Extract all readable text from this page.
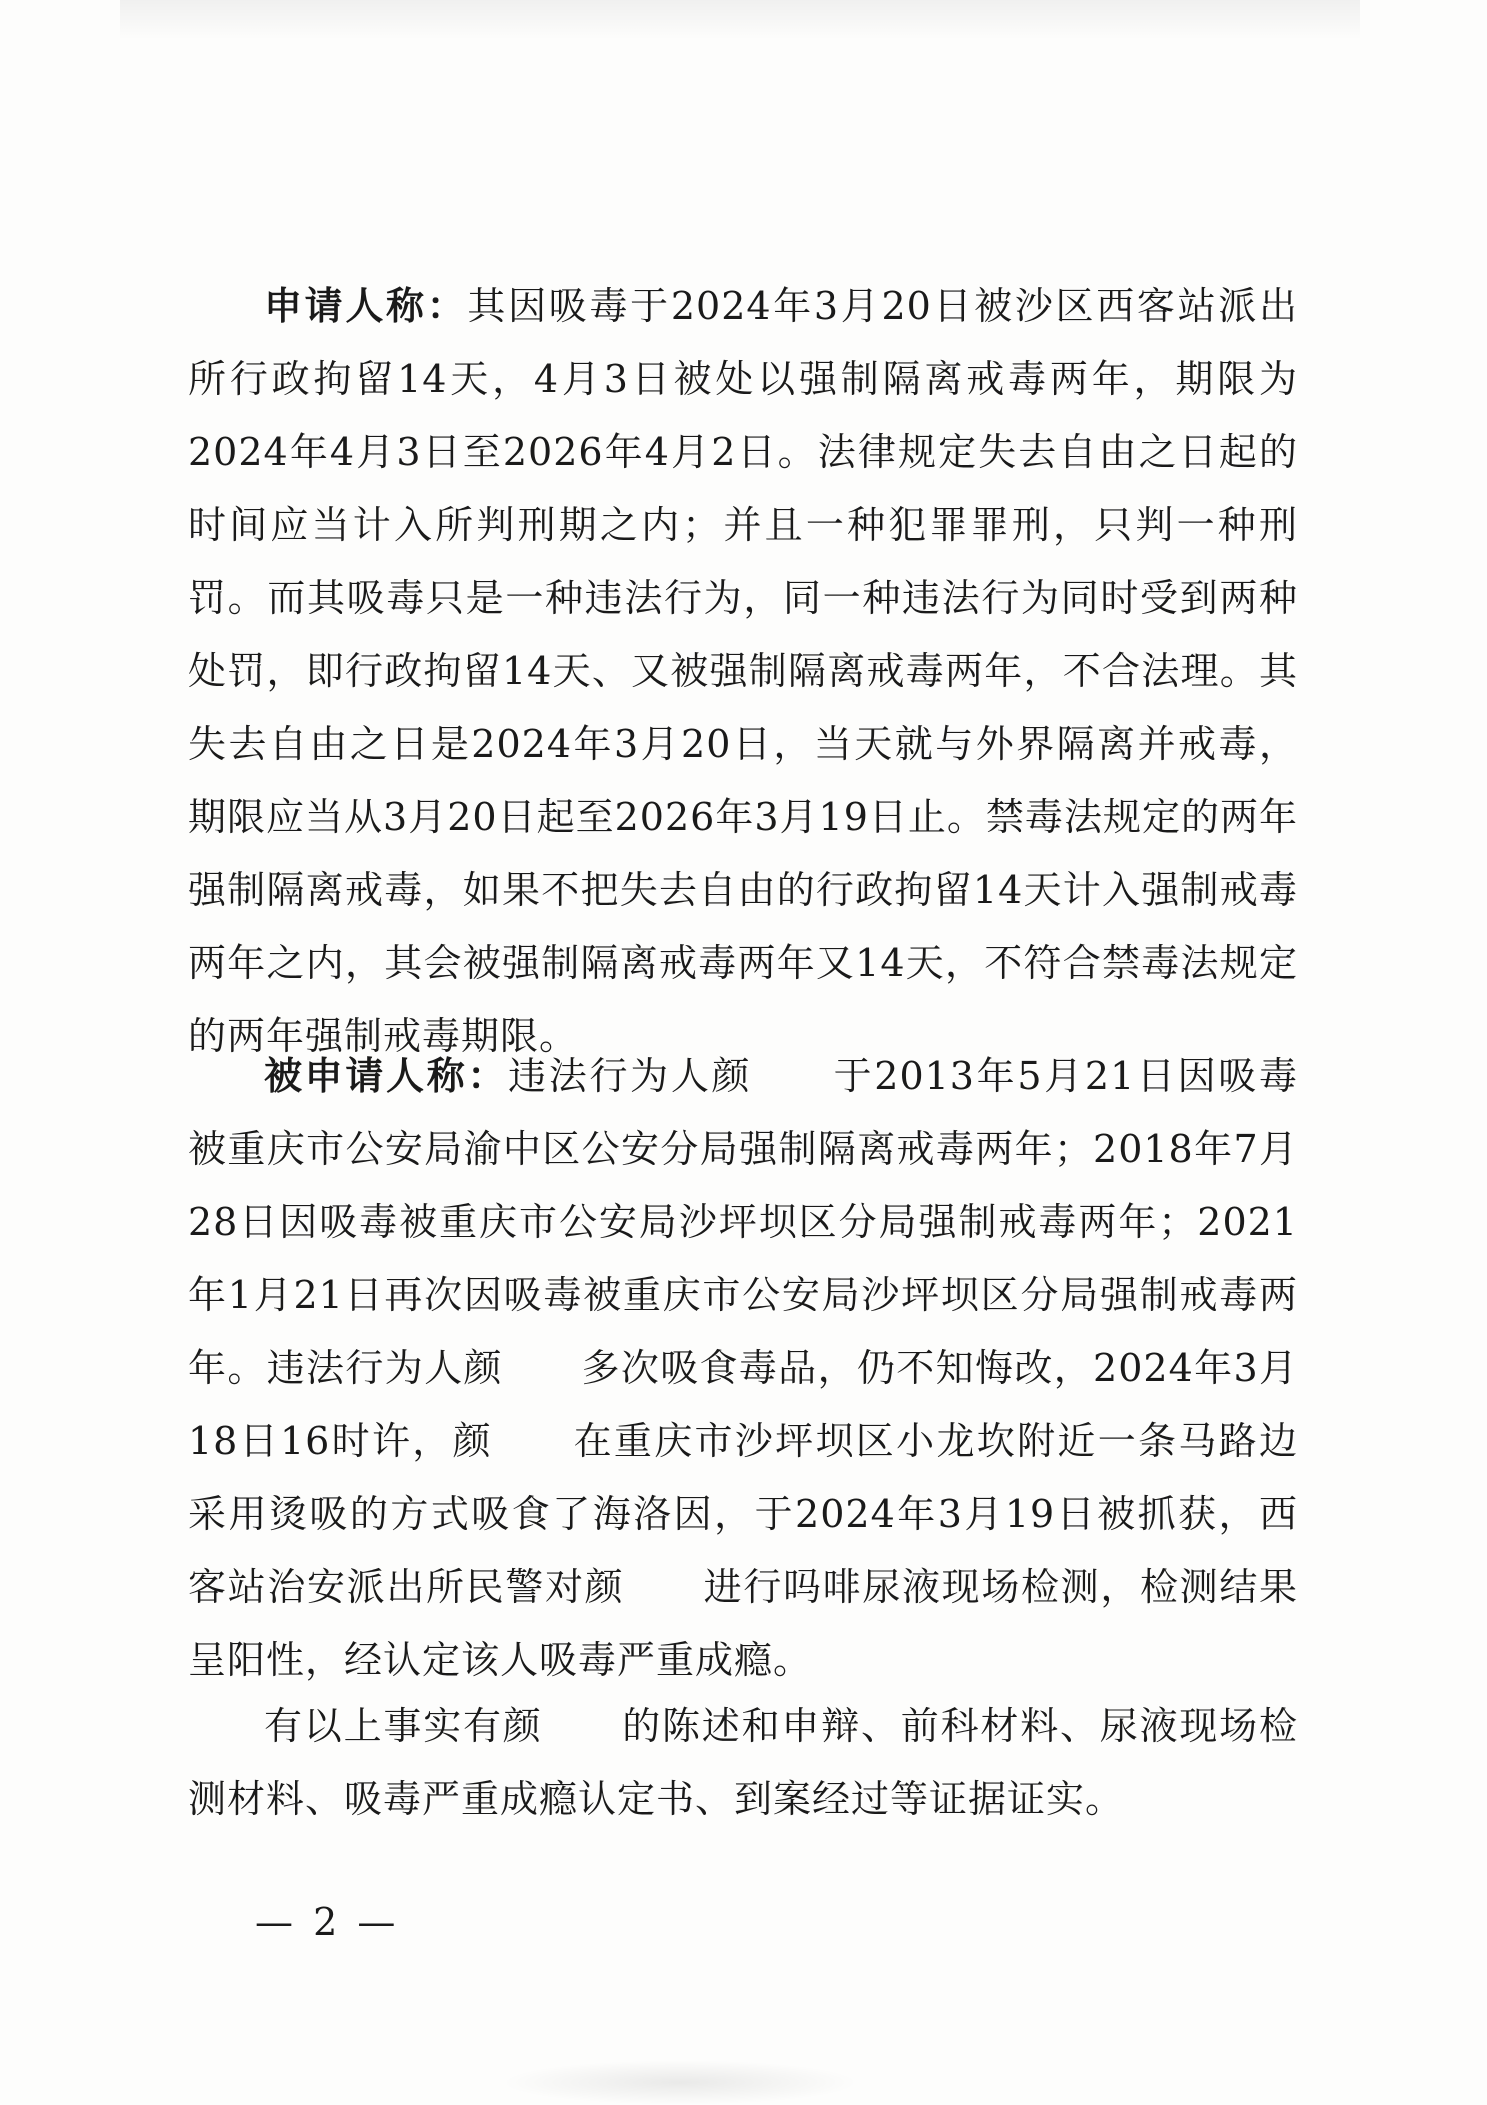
申请人称：其因吸毒于2024年3月20日被沙区西客站派出所行政拘留14天，4月3日被处以强制隔离戒毒两年，期限为2024年4月3日至2026年4月2日。法律规定失去自由之日起的时间应当计入所判刑期之内；并且一种犯罪罪刑，只判一种刑罚。而其吸毒只是一种违法行为，同一种违法行为同时受到两种处罚，即行政拘留14天、又被强制隔离戒毒两年，不合法理。其失去自由之日是2024年3月20日，当天就与外界隔离并戒毒，期限应当从3月20日起至2026年3月19日止。禁毒法规定的两年强制隔离戒毒，如果不把失去自由的行政拘留14天计入强制戒毒两年之内，其会被强制隔离戒毒两年又14天，不符合禁毒法规定的两年强制戒毒期限。

被申请人称：违法行为人颜　　于2013年5月21日因吸毒被重庆市公安局渝中区公安分局强制隔离戒毒两年；2018年7月28日因吸毒被重庆市公安局沙坪坝区分局强制戒毒两年；2021年1月21日再次因吸毒被重庆市公安局沙坪坝区分局强制戒毒两年。违法行为人颜　　多次吸食毒品，仍不知悔改，2024年3月18日16时许，颜　　在重庆市沙坪坝区小龙坎附近一条马路边采用烫吸的方式吸食了海洛因，于2024年3月19日被抓获，西客站治安派出所民警对颜　　进行吗啡尿液现场检测，检测结果呈阳性，经认定该人吸毒严重成瘾。

有以上事实有颜　　的陈述和申辩、前科材料、尿液现场检测材料、吸毒严重成瘾认定书、到案经过等证据证实。

— 2 —
